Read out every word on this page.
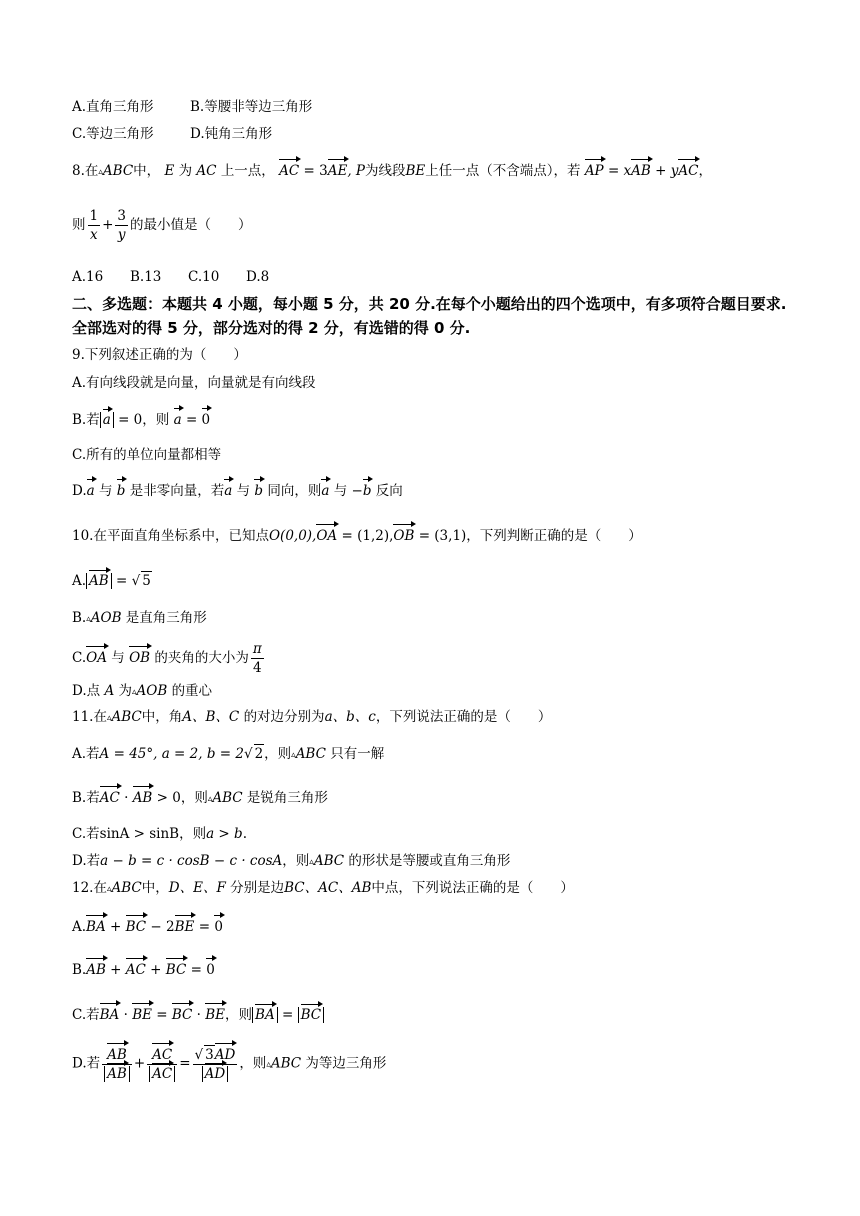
A.直角三角形	B.等腰非等边三角形
C.等边三角形	D.钝角三角形
8.在▵ABC中， E 为 AC 上一点， AC = 3AE, P为线段BE上任一点（不含端点），若 AP = xAB + yAC，
则 $\frac{1}{x} + \frac{3}{y}$ 的最小值是（　　）
A.16 B.13 C.10 D.8
二、多选题：本题共 4 小题，每小题 5 分，共 20 分.在每个小题给出的四个选项中，有多项符合题目要求.全部选对的得 5 分，部分选对的得 2 分，有选错的得 0 分.
9.下列叙述正确的为（　　）
A.有向线段就是向量，向量就是有向线段
B.若 a = 0，则 a = 0
C.所有的单位向量都相等
D.a 与 b 是非零向量，若a 与 b 同向，则a 与 −b 反向
10.在平面直角坐标系中，已知点O(0,0),OA = (1,2),OB = (3,1)，下列判断正确的是（　　）
A. AB = √ 5
B.▵AOB 是直角三角形
C.OA 与 OB 的夹角的大小为 $\frac{\pi}{4}$
D.点 A 为▵AOB 的重心
11.在▵ABC中，角A、B、C 的对边分别为a、b、c，下列说法正确的是（　　）
A.若A = 45°, a = 2, b = 2√ 2，则▵ABC 只有一解
B.若AC · AB > 0，则▵ABC 是锐角三角形
C.若sinA > sinB，则a > b.
D.若a − b = c · cosB − c · cosA，则▵ABC 的形状是等腰或直角三角形
12.在▵ABC中，D、E、F 分别是边BC、AC、AB中点，下列说法正确的是（　　）
A.BA + BC − 2BE = 0
B.AB + AC + BC = 0
C.若BA · BE = BC · BE，则 BA = BC
D.若 $\frac{AB}{AB} + \frac{AC}{AC} = \frac{√ 3AD}{AD}$ ，则▵ABC 为等边三角形
